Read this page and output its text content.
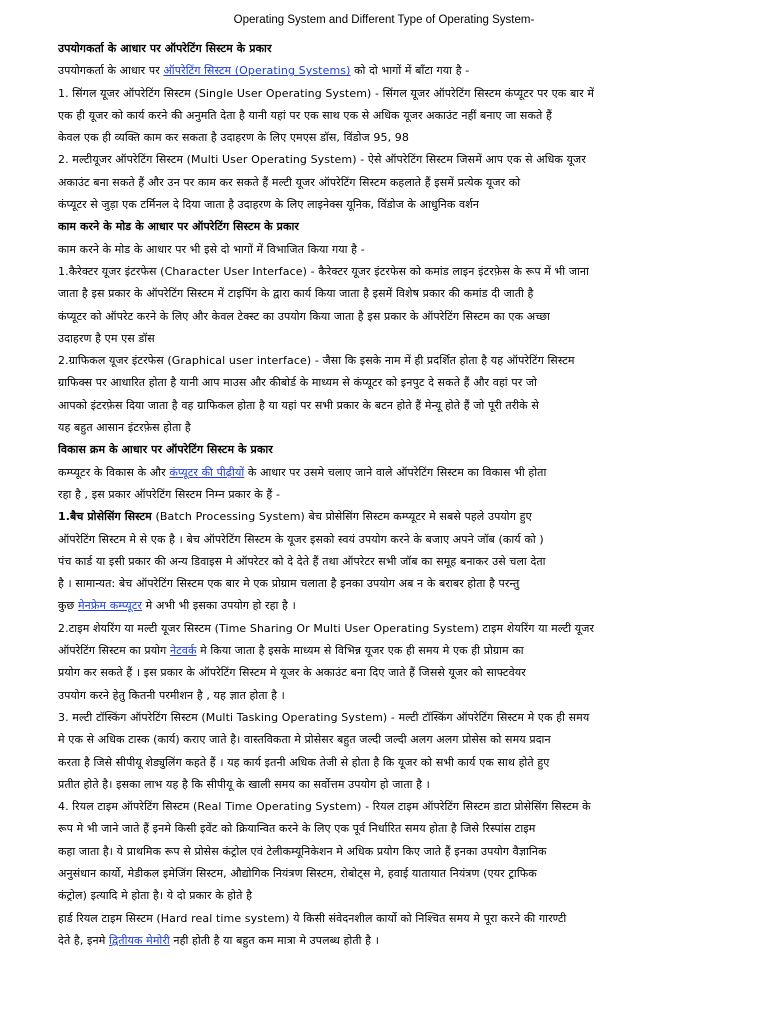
Operating System and Different Type of Operating System-
उपयोगकर्ता के आधार पर ऑपरेटिंग सिस्टम के प्रकार
उपयोगकर्ता के आधार पर ऑपरेटिंग सिस्टम (Operating Systems) को दो भागों में बाँटा गया है -
1. सिंगल यूजर ऑपरेटिंग सिस्टम (Single User Operating System) - सिंगल यूजर ऑपरेटिंग सिस्टम कंप्यूटर पर एक बार में
एक ही यूजर को कार्य करने की अनुमति देता है यानी यहां पर एक साथ एक से अधिक यूजर अकाउंट नहीं बनाए जा सकते हैं
केवल एक ही व्यक्ति काम कर सकता है उदाहरण के लिए एमएस डॉस, विंडोज 95, 98
2. मल्टीयूजर ऑपरेटिंग सिस्टम (Multi User Operating System) - ऐसे ऑपरेटिंग सिस्टम जिसमें आप एक से अधिक यूजर
अकाउंट बना सकते हैं और उन पर काम कर सकते हैं मल्टी यूजर ऑपरेटिंग सिस्टम कहलाते हैं इसमें प्रत्येक यूजर को
कंप्यूटर से जुड़ा एक टर्मिनल दे दिया जाता है उदाहरण के लिए लाइनेक्स यूनिक, विंडोज के आधुनिक वर्शन
काम करने के मोड के आधार पर ऑपरेटिंग सिस्टम के प्रकार
काम करने के मोड के आधार पर भी इसे दो भागों में विभाजित किया गया है -
1.कैरेक्टर यूजर इंटरफेस (Character User Interface) - कैरेक्टर यूजर इंटरफेस को कमांड लाइन इंटरफ़ेस के रूप में भी जाना
जाता है इस प्रकार के ऑपरेटिंग सिस्टम में टाइपिंग के द्वारा कार्य किया जाता है इसमें विशेष प्रकार की कमांड दी जाती है
कंप्यूटर को ऑपरेट करने के लिए और केवल टेक्स्ट का उपयोग किया जाता है इस प्रकार के ऑपरेटिंग सिस्टम का एक अच्छा
उदाहरण है एम एस डॉस
2.ग्राफिकल यूजर इंटरफेस (Graphical user interface) - जैसा कि इसके नाम में ही प्रदर्शित होता है यह ऑपरेटिंग सिस्टम
ग्राफिक्स पर आधारित होता है यानी आप माउस और कीबोर्ड के माध्यम से कंप्यूटर को इनपुट दे सकते हैं और वहां पर जो
आपको इंटरफ़ेस दिया जाता है वह ग्राफिकल होता है या यहां पर सभी प्रकार के बटन होते हैं मेन्यू होते हैं जो पूरी तरीके से
यह बहुत आसान इंटरफ़ेस होता है
विकास क्रम के आधार पर ऑपरेटिंग सिस्टम के प्रकार
कम्प्यूटर के विकास के और कंप्यूटर की पीढ़ीयों के आधार पर उसमे चलाए जाने वाले ऑपरेटिंग सिस्टम का विकास भी होता
रहा है , इस प्रकार ऑपरेटिंग सिस्टम निम्न प्रकार के हैं -
1.बैच प्रोसेसिंग सिस्टम (Batch Processing System) बेच प्रोसेसिंग सिस्टम कम्प्यूटर मे सबसे पहले उपयोग हुए
ऑपरेटिंग सिस्टम मे से एक है । बेच ऑपरेटिंग सिस्टम के यूजर इसको स्वयं उपयोग करने के बजाए अपने जॉब (कार्य को )
पंच कार्ड या इसी प्रकार की अन्य डिवाइस मे ऑपरेटर को दे देते हैं तथा ऑपरेटर सभी जॉब का समूह बनाकर उसे चला देता
है । सामान्यत: बेच ऑपरेटिंग सिस्टम एक बार मे एक प्रोग्राम चलाता है इनका उपयोग अब न के बराबर होता है परन्तु
कुछ मेनफ्रेम कम्प्यूटर मे अभी भी इसका उपयोग हो रहा है ।
2.टाइम शेयरिंग या मल्टी यूजर सिस्टम (Time Sharing Or Multi User Operating System) टाइम शेयरिंग या मल्टी यूजर
ऑपरेटिंग सिस्टम का प्रयोग नेटवर्क मे किया जाता है इसके माध्यम से विभिन्न यूजर एक ही समय मे एक ही प्रोग्राम का
प्रयोग कर सकते हैं । इस प्रकार के ऑपरेटिंग सिस्टम मे यूजर के अकाउंट बना दिए जाते हैं जिससे यूजर को साफ्टवेयर
उपयोग करने हेतु कितनी परमीशन है , यह ज्ञात होता है ।
3. मल्टी टॉस्किंग ऑपरेटिंग सिस्टम (Multi Tasking Operating System) - मल्टी टॉस्किंग ऑपरेटिंग सिस्टम मे एक ही समय
मे एक से अधिक टास्क (कार्य) कराए जाते है। वास्तविकता मे प्रोसेसर बहुत जल्दी जल्दी अलग अलग प्रोसेस को समय प्रदान
करता है जिसे सीपीयू शेड्युलिंग कहते हैं । यह कार्य इतनी अधिक तेजी से होता है कि यूजर को सभी कार्य एक साथ होते हुए
प्रतीत होते है। इसका लाभ यह है कि सीपीयू के खाली समय का सर्वोत्तम उपयोग हो जाता है ।
4. रियल टाइम ऑपरेटिंग सिस्टम (Real Time Operating System) - रियल टाइम ऑपरेटिंग सिस्टम डाटा प्रोसेसिंग सिस्टम के
रूप मे भी जाने जाते हैं इनमे किसी इवेंट को क्रियान्वित करने के लिए एक पूर्व निर्धारित समय होता है जिसे रिस्पांस टाइम
कहा जाता है। ये प्राथमिक रूप से प्रोसेस कंट्रोल एवं टेलीकम्यूनिकेशन मे अधिक प्रयोग किए जाते हैं इनका उपयोग वैज्ञानिक
अनुसंधान कार्यो, मेडीकल इमेजिंग सिस्टम, औद्योगिक नियंत्रण सिस्टम, रोबोट्स मे, हवाई यातायात नियंत्रण (एयर ट्राफिक
कंट्रोल) इत्यादि मे होता है। ये दो प्रकार के होते है
हार्ड रियल टाइम सिस्टम (Hard real time system) ये किसी संवेदनशील कार्यो को निश्चित समय मे पूरा करने की गारण्टी
देते है, इनमे द्वितीयक मेमोरी नही होती है या बहुत कम मात्रा मे उपलब्ध होती है ।
